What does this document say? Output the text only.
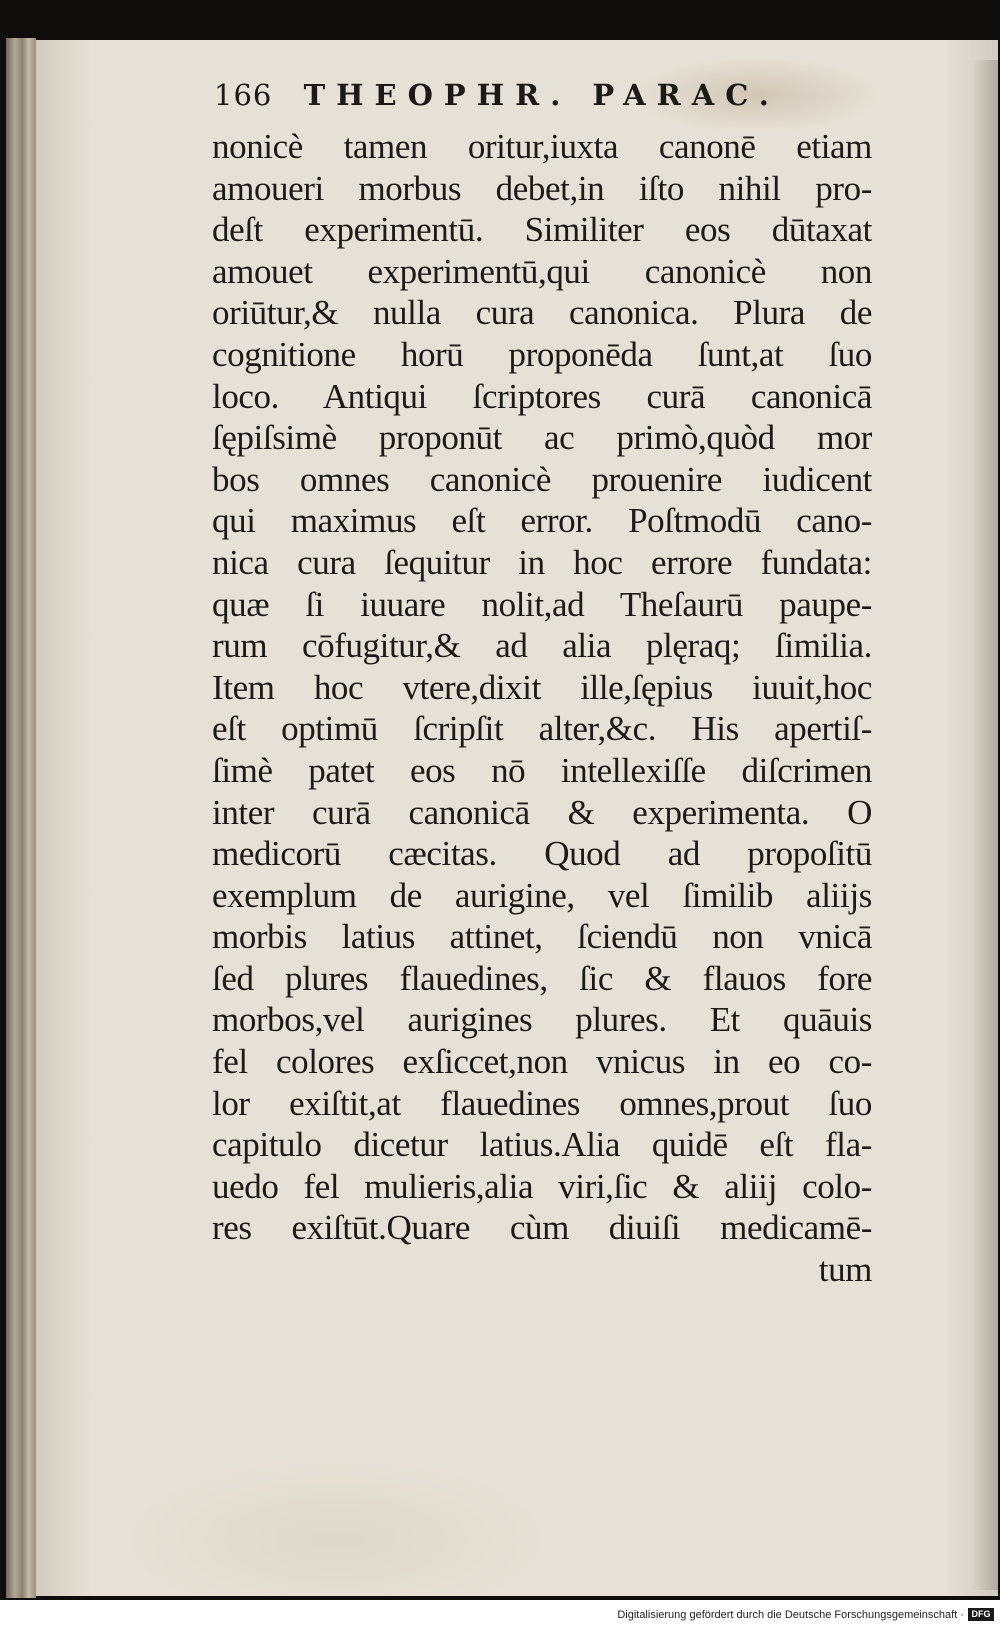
166 THEOPHR. PARAC.
nonicè tamen oritur,iuxta canonē etiam
amoueri morbus debet,in iſto nihil pro-
deſt experimentū. Similiter eos dūtaxat
amouet experimentū,qui canonicè non
oriūtur,& nulla cura canonica. Plura de
cognitione horū proponēda ſunt,at ſuo
loco. Antiqui ſcriptores curā canonicā
ſępiſsimè proponūt ac primò,quòd mor
bos omnes canonicè prouenire iudicent
qui maximus eſt error. Poſtmodū cano-
nica cura ſequitur in hoc errore fundata:
quæ ſi iuuare nolit,ad Theſaurū paupe-
rum cōfugitur,& ad alia plęraq; ſimilia.
Item hoc vtere,dixit ille,ſępius iuuit,hoc
eſt optimū ſcripſit alter,&c. His apertiſ-
ſimè patet eos nō intellexiſſe diſcrimen
inter curā canonicā & experimenta. O
medicorū cæcitas. Quod ad propoſitū
exemplum de aurigine, vel ſimilib aliĳs
morbis latius attinet, ſciendū non vnicā
ſed plures flauedines, ſic & flauos fore
morbos,vel aurigines plures. Et quāuis
fel colores exſiccet,non vnicus in eo co-
lor exiſtit,at flauedines omnes,prout ſuo
capitulo dicetur latius.Alia quidē eſt fla-
uedo fel mulieris,alia viri,ſic & aliĳ colo-
res exiſtūt.Quare cùm diuiſi medicamē-
tum
Digitalisierung gefördert durch die Deutsche Forschungsgemeinschaft · DFG
